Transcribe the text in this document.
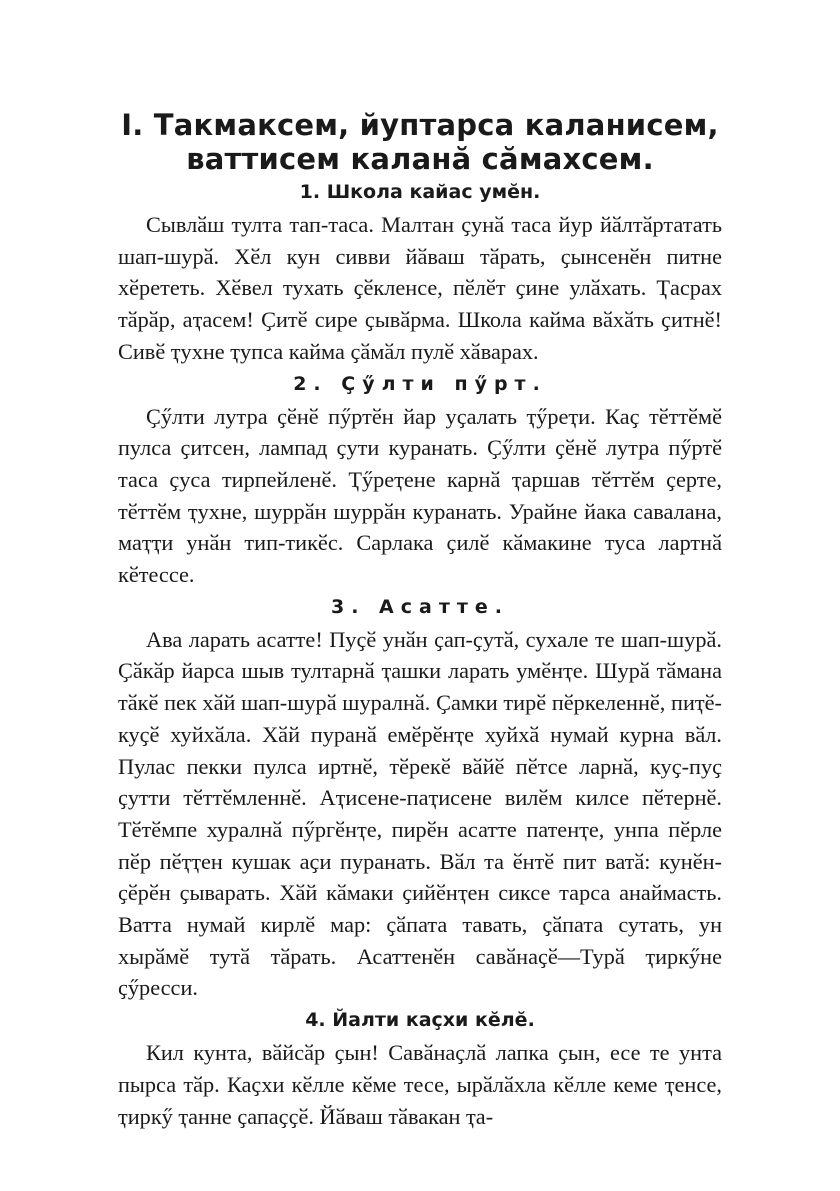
I. Такмаксем, йуптарса каланисем,
ваттисем каланӑ сӑмахсем.
1. Школа кайас умӗн.

Сывлӑш тулта тап-таса. Малтан ҫунӑ таса йур йӑлтӑртатать шап-шурӑ. Хӗл кун сивви йӑваш тӑрать, ҫынсенӗн питне хӗрететь. Хӗвел тухать ҫӗкленсе, пӗлӗт ҫине улӑхать. Ҭасрах тӑрӑр, аҭасем! Ҫитӗ сире ҫывӑрма. Школа кайма вӑхӑть ҫитнӗ! Сивӗ ҭухне ҭупса кайма ҫӑмӑл пулӗ хӑварах.

2. Ҫӳлти пӳрт.

Ҫӳлти лутра ҫӗнӗ пӳртӗн йар уҫалать ҭӳреҭи. Каҫ тӗттӗмӗ пулса ҫитсен, лампад ҫути куранать. Ҫӳлти ҫӗнӗ лутра пӳртӗ таса ҫуса тирпейленӗ. Ҭӳреҭене карнӑ ҭаршав тӗттӗм ҫерте, тӗттӗм ҭухне, шуррӑн шуррӑн куранать. Урайне йака савалана, маҭҭи унӑн тип-тикӗс. Сарлака ҫилӗ кӑмакине туса лартнӑ кӗтессе.

3. Асатте.

Ава ларать асатте! Пуҫӗ унӑн ҫап-ҫутӑ, сухале те шап-шурӑ. Ҫӑкӑр йарса шыв тултарнӑ ҭашки ларать умӗнҭе. Шурӑ тӑмана тӑкӗ пек хӑй шап-шурӑ шуралнӑ. Ҫамки тирӗ пӗркеленнӗ, пиҭӗ-куҫӗ хуйхӑла. Хӑй пуранӑ емӗрӗнҭе хуйхӑ нумай курна вӑл. Пулас пекки пулса иртнӗ, тӗрекӗ вӑйӗ пӗтсе ларнӑ, куҫ-пуҫ ҫутти тӗттӗмленнӗ. Аҭисене-паҭисене вилӗм килсе пӗтернӗ. Тӗтӗмпе хуралнӑ пӳргӗнҭе, пирӗн асатте патенҭе, унпа пӗрле пӗр пӗҭҭен кушак аҫи пуранать. Вӑл та ӗнтӗ пит ватӑ: кунӗн-ҫӗрӗн ҫыварать. Хӑй кӑмаки ҫийӗнҭен сиксе тарса анаймасть. Ватта нумай кирлӗ мар: ҫӑпата тавать, ҫӑпата сутать, ун хырӑмӗ тутӑ тӑрать. Асаттенӗн савӑнаҫӗ—Турӑ ҭиркӳне ҫӳресси.

4. Йалти каҫхи кӗлӗ.

Кил кунта, вӑйсӑр ҫын! Савӑнаҫлӑ лапка ҫын, есе те унта пырса тӑр. Каҫхи кӗлле кӗме тесе, ырӑлӑхла кӗлле кеме ҭенсе, ҭиркӳ ҭанне ҫапаҫҫӗ. Йӑваш тӑвакан ҭа-
